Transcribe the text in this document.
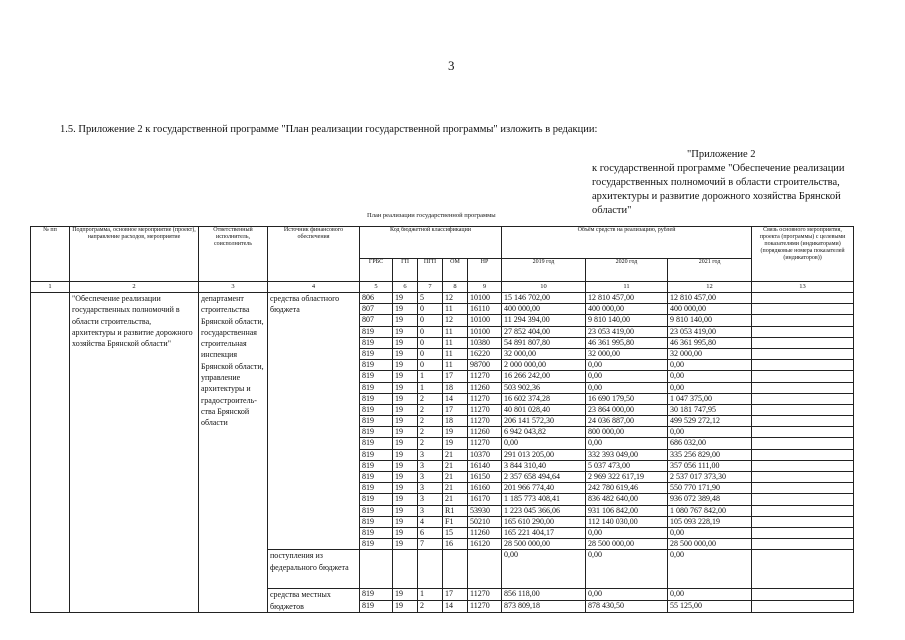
3
1.5. Приложение 2 к государственной программе "План реализации государственной программы" изложить в редакции:
"Приложение 2
к государственной программе "Обеспечение реализации государственных полномочий в области строительства, архитектуры и развитие дорожного хозяйства Брянской области"
План реализации государственной программы
№ пп	Подпрограмма, основное мероприятие (проект), направление расходов, мероприятие	Ответственный исполнитель, соисполнитель	Источник финансового обеспечения	Код бюджетной классификации					Объём средств на реализацию, рублей			Связь основного мероприятия, проекта (программы) с целевыми показателями (индикаторами) (порядковые номера показателей (индикаторов))
				ГРБС	ГП	ПГП	ОМ	НР	2019 год	2020 год	2021 год	
1	2	3	4	5	6	7	8	9	10	11	12	13
	"Обеспечение реализации государственных полномочий в области строительства, архитектуры и развитие дорожного хозяйства Брянской области"	департамент строительства Брянской области, государственная строительная инспекция Брянской области, управление архитектуры и градостроитель-ства Брянской области	средства областного бюджета	806	19	5	12	10100	15 146 702,00	12 810 457,00	12 810 457,00	
				807	19	0	11	16110	400 000,00	400 000,00	400 000,00	
				807	19	0	12	10100	11 294 394,00	9 810 140,00	9 810 140,00	
				819	19	0	11	10100	27 852 404,00	23 053 419,00	23 053 419,00	
				819	19	0	11	10380	54 891 807,80	46 361 995,80	46 361 995,80	
				819	19	0	11	16220	32 000,00	32 000,00	32 000,00	
				819	19	0	11	98700	2 000 000,00	0,00	0,00	
				819	19	1	17	11270	16 266 242,00	0,00	0,00	
				819	19	1	18	11260	503 902,36	0,00	0,00	
				819	19	2	14	11270	16 602 374,28	16 690 179,50	1 047 375,00	
				819	19	2	17	11270	40 801 028,40	23 864 000,00	30 181 747,95	
				819	19	2	18	11270	206 141 572,30	24 036 887,00	499 529 272,12	
				819	19	2	19	11260	6 942 043,82	800 000,00	0,00	
				819	19	2	19	11270	0,00	0,00	686 032,00	
				819	19	3	21	10370	291 013 205,00	332 393 049,00	335 256 829,00	
				819	19	3	21	16140	3 844 310,40	5 037 473,00	357 056 111,00	
				819	19	3	21	16150	2 357 658 494,64	2 969 322 617,19	2 537 017 373,30	
				819	19	3	21	16160	201 966 774,40	242 780 619,46	550 770 171,90	
				819	19	3	21	16170	1 185 773 408,41	836 482 640,00	936 072 389,48	
				819	19	3	R1	53930	1 223 045 366,06	931 106 842,00	1 080 767 842,00	
				819	19	4	F1	50210	165 610 290,00	112 140 030,00	105 093 228,19	
				819	19	6	15	11260	165 221 404,17	0,00	0,00	
				819	19	7	16	16120	28 500 000,00	28 500 000,00	28 500 000,00	
			поступления из федерального бюджета						0,00	0,00	0,00	
			средства местных бюджетов	819	19	1	17	11270	856 118,00	0,00	0,00	
				819	19	2	14	11270	873 809,18	878 430,50	55 125,00	
